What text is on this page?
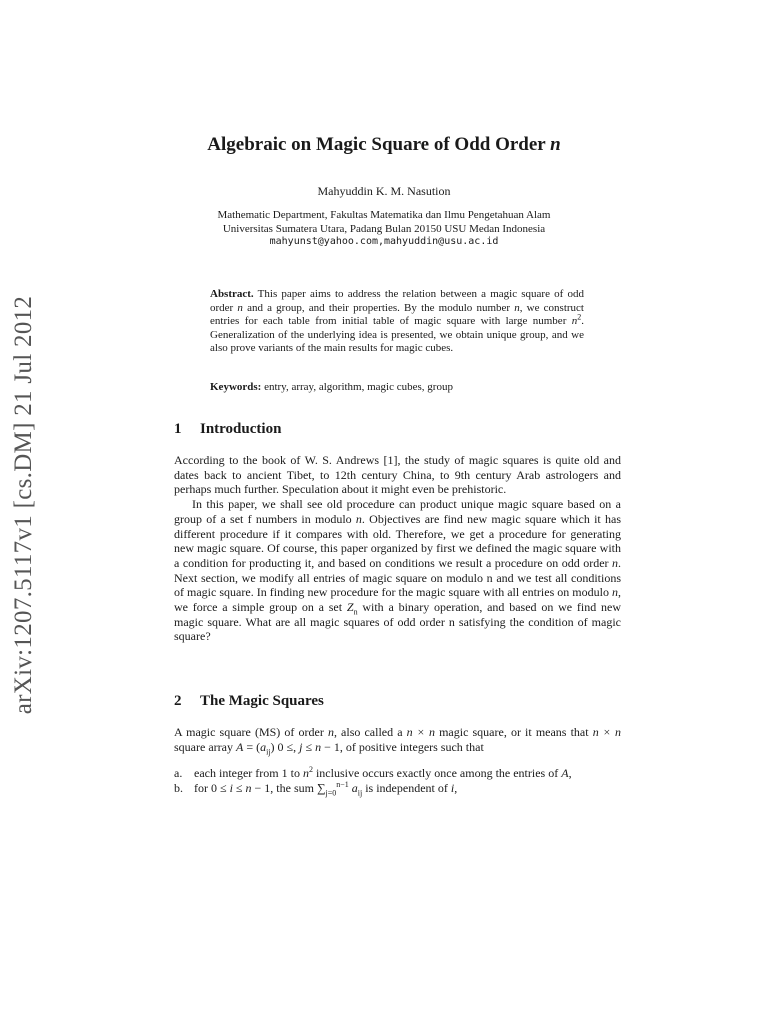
arXiv:1207.5117v1 [cs.DM] 21 Jul 2012
Algebraic on Magic Square of Odd Order n
Mahyuddin K. M. Nasution
Mathematic Department, Fakultas Matematika dan Ilmu Pengetahuan Alam
Universitas Sumatera Utara, Padang Bulan 20150 USU Medan Indonesia
mahyunst@yahoo.com,mahyuddin@usu.ac.id
Abstract. This paper aims to address the relation between a magic square of odd order n and a group, and their properties. By the modulo number n, we construct entries for each table from initial table of magic square with large number $n^2$. Generalization of the underlying idea is presented, we obtain unique group, and we also prove variants of the main results for magic cubes.
Keywords: entry, array, algorithm, magic cubes, group
1 Introduction

According to the book of W. S. Andrews [1], the study of magic squares is quite old and dates back to ancient Tibet, to 12th century China, to 9th century Arab astrologers and perhaps much further. Speculation about it might even be prehistoric.

In this paper, we shall see old procedure can product unique magic square based on a group of a set f numbers in modulo n. Objectives are find new magic square which it has different procedure if it compares with old. Therefore, we get a procedure for generating new magic square. Of course, this paper organized by first we defined the magic square with a condition for producting it, and based on conditions we result a procedure on odd order n. Next section, we modify all entries of magic square on modulo n and we test all conditions of magic square. In finding new procedure for the magic square with all entries on modulo n, we force a simple group on a set $Z_n$ with a binary operation, and based on we find new magic square. What are all magic squares of odd order n satisfying the condition of magic square?

2 The Magic Squares

A magic square (MS) of order n, also called a n × n magic square, or it means that n × n square array $A = (a_{ij})$ 0 ≤, j ≤ n − 1, of positive integers such that

a. each integer from 1 to $n^2$ inclusive occurs exactly once among the entries of A,
b. for 0 ≤ i ≤ n − 1, the sum $\sum_{j=0}^{n-1}$ $a_{ij}$ is independent of i,
